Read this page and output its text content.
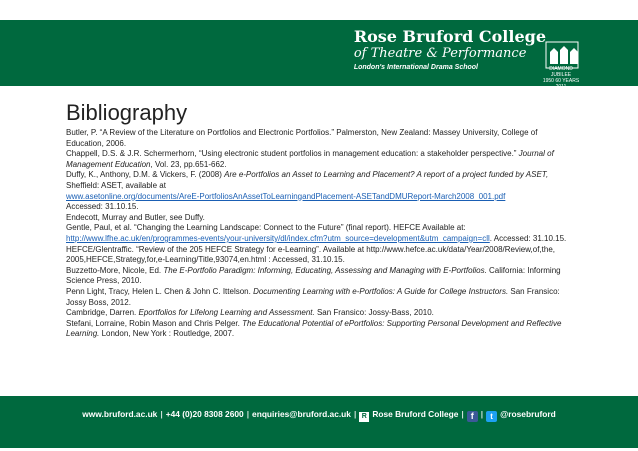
Rose Bruford College
of Theatre & Performance
London's International Drama School	DIAMOND JUBILEE
1950 60 YEARS 2011
Bibliography

Butler, P. “A Review of the Literature on Portfolios and Electronic Portfolios.” Palmerston, New Zealand: Massey University, College of Education, 2006.

Chappell, D.S. & J.R. Schermerhorn, “Using electronic student portfolios in management education: a stakeholder perspective.” Journal of Management Education, Vol. 23, pp.651-662.

Duffy, K., Anthony, D.M. & Vickers, F. (2008) Are e-Portfolios an Asset to Learning and Placement? A report of a project funded by ASET, Sheffield: ASET, available at

www.asetonline.org/documents/AreE-PortfoliosAnAssetToLearningandPlacement-ASETandDMUReport-March2008_001.pdf

Accessed: 31.10.15.

Endecott, Murray and Butler, see Duffy.

Gentle, Paul, et al. “Changing the Learning Landscape: Connect to the Future” (final report). HEFCE Available at: http://www.lfhe.ac.uk/en/programmes-events/your-university/dl/index.cfm?utm_source=development&utm_campaign=cll. Accessed: 31.10.15.

HEFCE/Glentraffic. “Review of the 205 HEFCE Strategy for e-Learning”. Available at http://www.hefce.ac.uk/data/Year/2008/Review,of,the, 2005,HEFCE,Strategy,for,e-Learning/Title,93074,en.html : Accessed, 31.10.15.

Buzzetto-More, Nicole, Ed. The E-Portfolio Paradigm: Informing, Educating, Assessing and Managing with E-Portfolios. California: Informing Science Press, 2010.

Penn Light, Tracy, Helen L. Chen & John C. Ittelson. Documenting Learning with e-Portfolios: A Guide for College Instructors. San Fransico: Jossy Boss, 2012.

Cambridge, Darren. Eportfolios for Lifelong Learning and Assessment. San Fransico: Jossy-Bass, 2010.

Stefani, Lorraine, Robin Mason and Chris Pelger. The Educational Potential of ePortfolios: Supporting Personal Development and Reflective Learning. London, New York : Routledge, 2007.

www.bruford.ac.uk | +44 (0)20 8308 2600 | enquiries@bruford.ac.uk | R Rose Bruford College | f | t @rosebruford
